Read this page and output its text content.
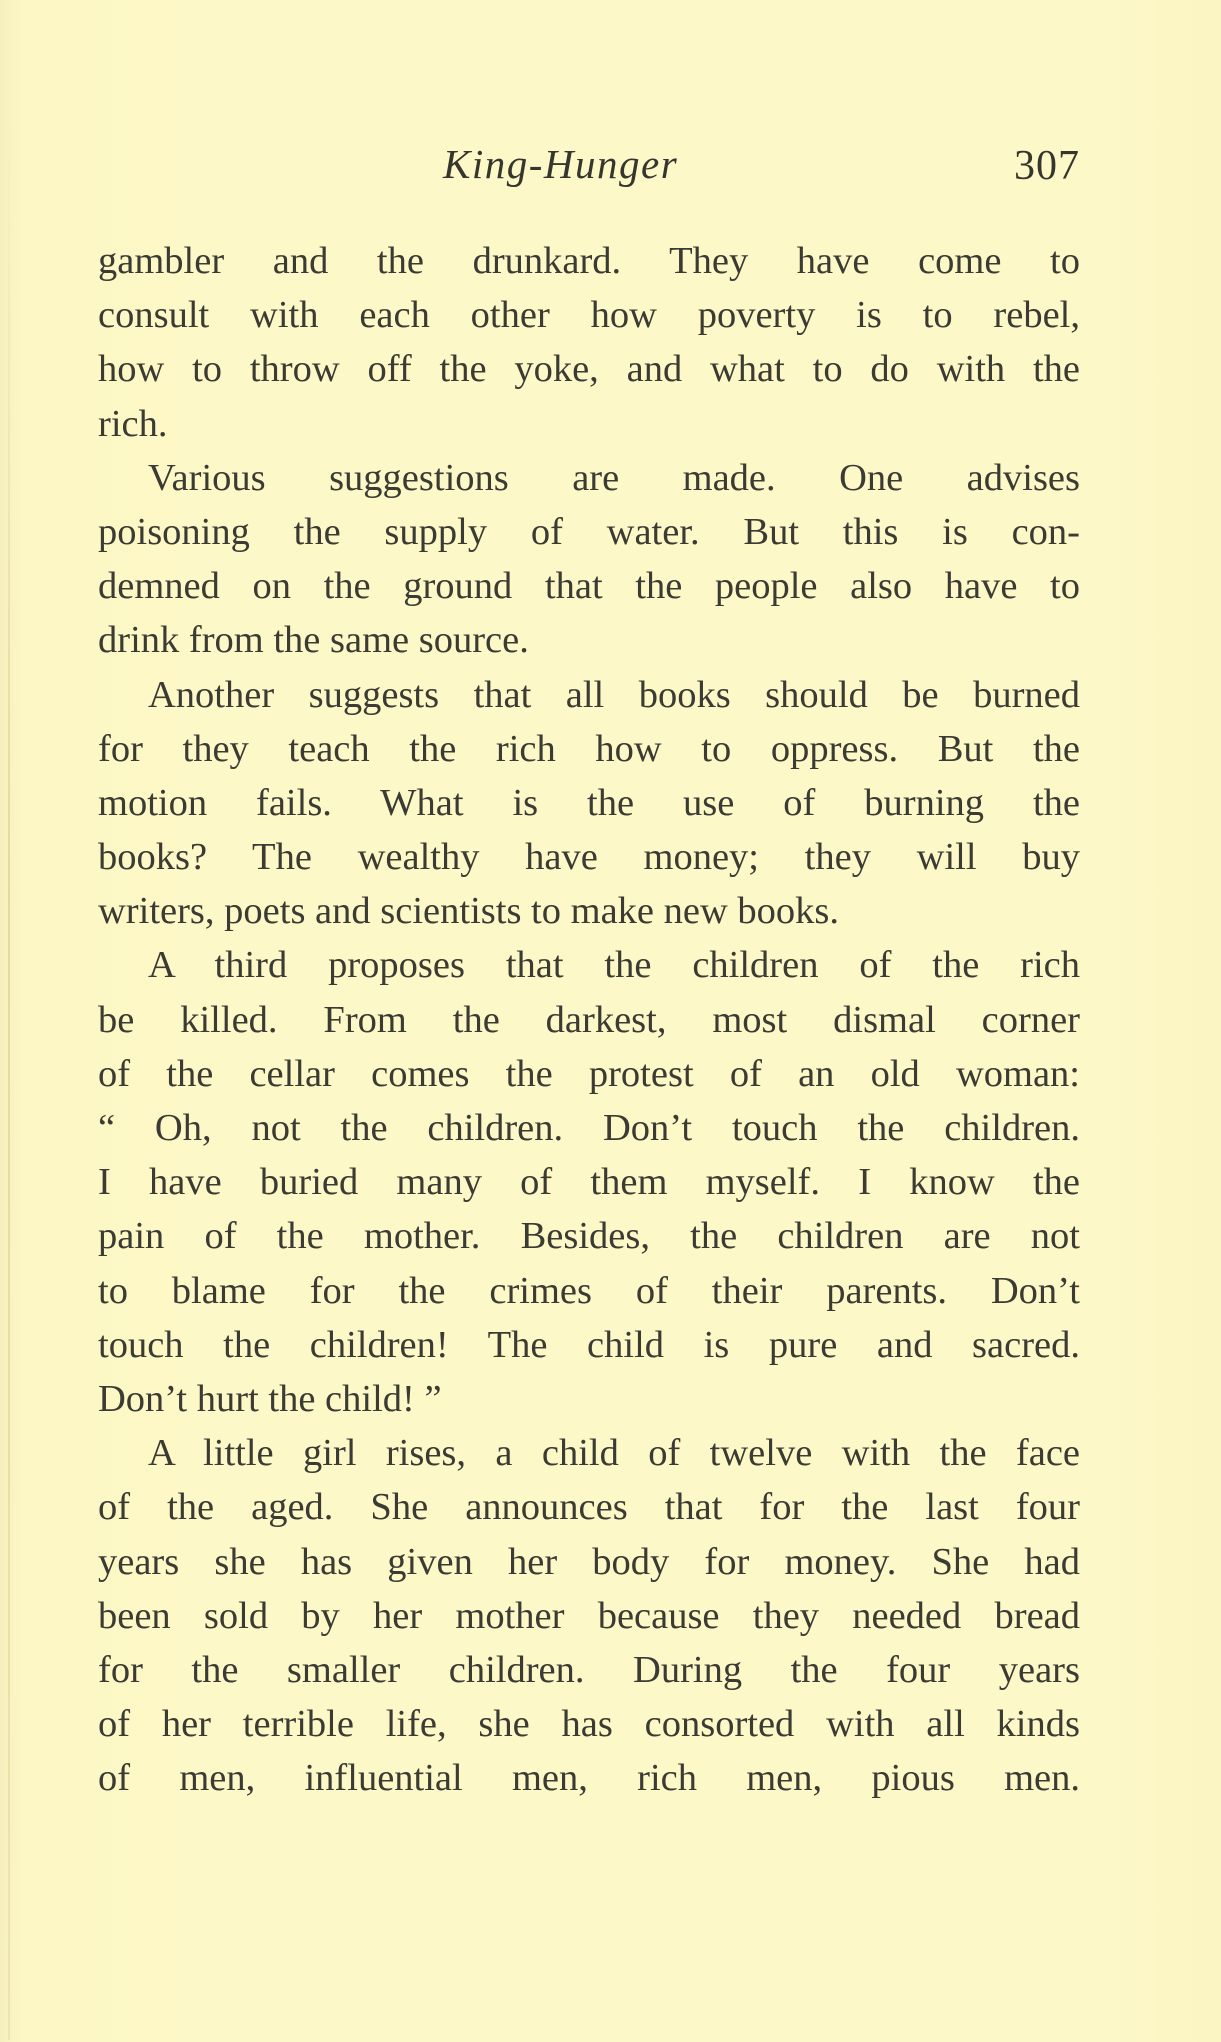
King-Hunger	307
gambler and the drunkard. They have come to
consult with each other how poverty is to rebel,
how to throw off the yoke, and what to do with the
rich.
Various suggestions are made. One advises
poisoning the supply of water. But this is con-
demned on the ground that the people also have to
drink from the same source.
Another suggests that all books should be burned
for they teach the rich how to oppress. But the
motion fails. What is the use of burning the
books? The wealthy have money; they will buy
writers, poets and scientists to make new books.
A third proposes that the children of the rich
be killed. From the darkest, most dismal corner
of the cellar comes the protest of an old woman:
“ Oh, not the children. Don’t touch the children.
I have buried many of them myself. I know the
pain of the mother. Besides, the children are not
to blame for the crimes of their parents. Don’t
touch the children! The child is pure and sacred.
Don’t hurt the child! ”
A little girl rises, a child of twelve with the face
of the aged. She announces that for the last four
years she has given her body for money. She had
been sold by her mother because they needed bread
for the smaller children. During the four years
of her terrible life, she has consorted with all kinds
of men, influential men, rich men, pious men.
